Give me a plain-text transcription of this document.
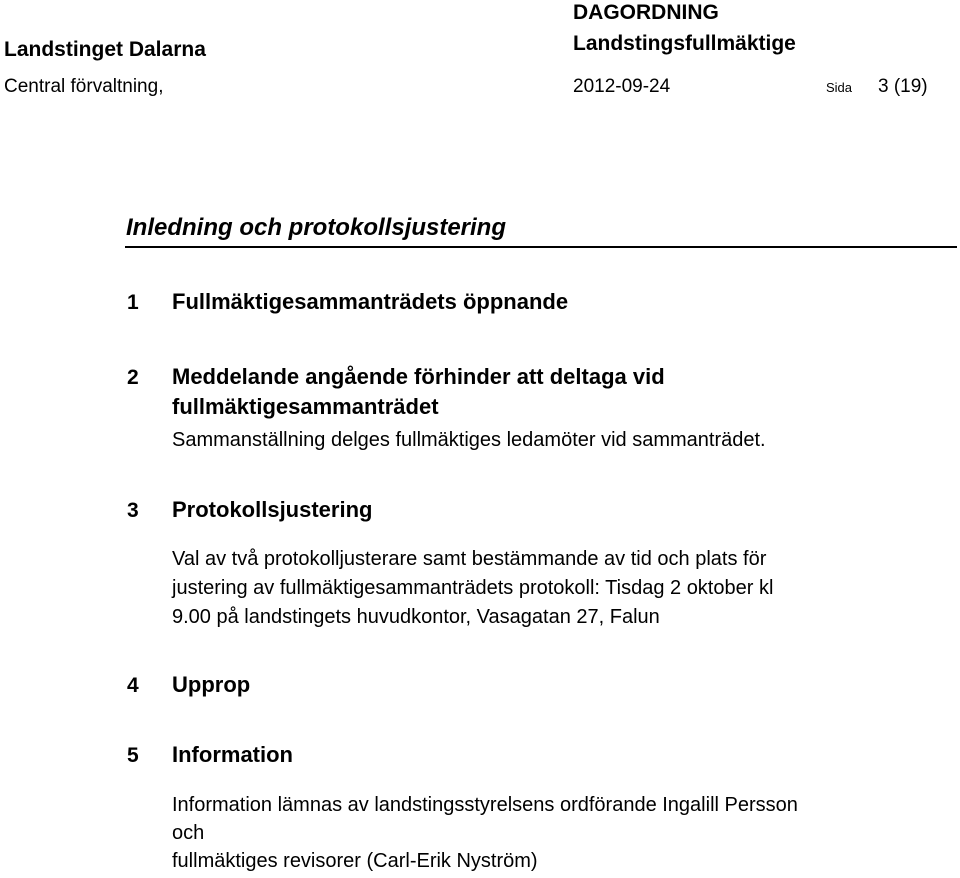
DAGORDNING
Landstingsfullmäktige
Landstinget Dalarna
Central förvaltning,	2012-09-24	Sida 3 (19)
Inledning och protokollsjustering
1 Fullmäktigesammanträdets öppnande
2 Meddelande angående förhinder att deltaga vid
fullmäktigesammanträdet
Sammanställning delges fullmäktiges ledamöter vid sammanträdet.
3 Protokollsjustering
Val av två protokolljusterare samt bestämmande av tid och plats för
justering av fullmäktigesammanträdets protokoll: Tisdag 2 oktober kl
9.00 på landstingets huvudkontor, Vasagatan 27, Falun
4 Upprop
5 Information
Information lämnas av landstingsstyrelsens ordförande Ingalill Persson
och
fullmäktiges revisorer (Carl-Erik Nyström)
